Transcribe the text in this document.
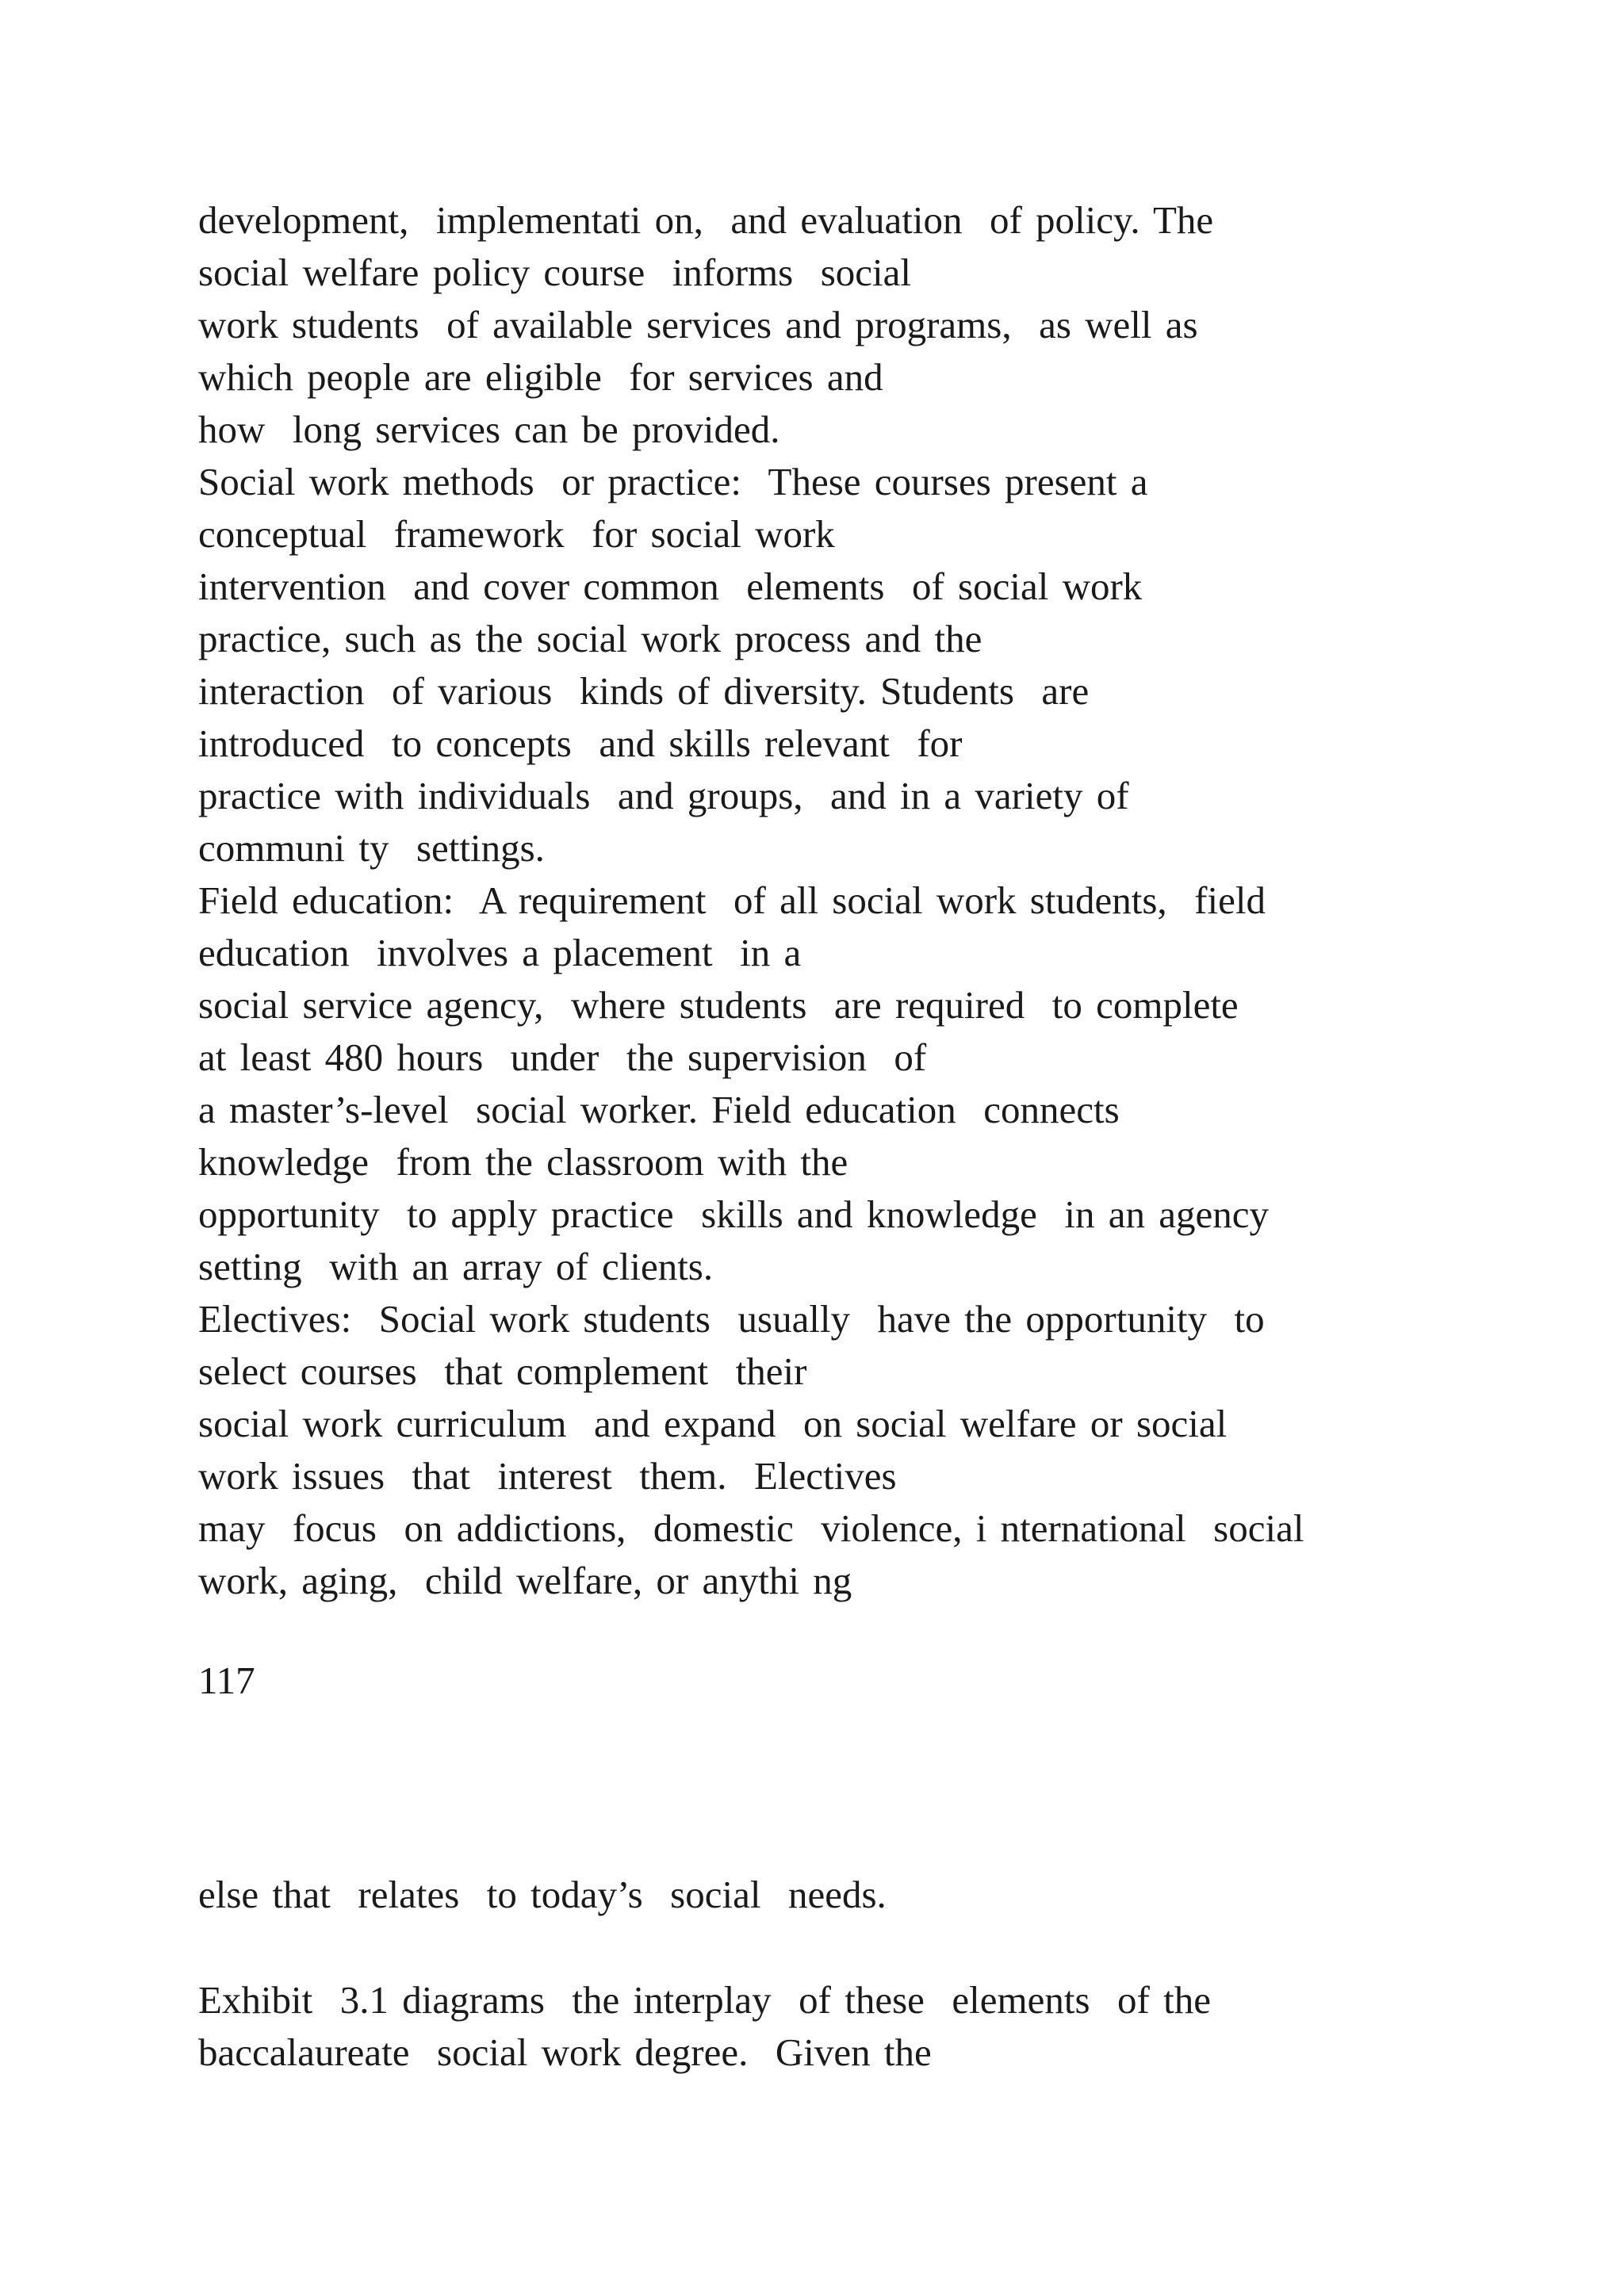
development,  implementati on,  and evaluation  of policy. The
social welfare policy course  informs  social
work students  of available services and programs,  as well as
which people are eligible  for services and
how  long services can be provided.
Social work methods  or practice:  These courses present a
conceptual  framework  for social work
intervention  and cover common  elements  of social work
practice, such as the social work process and the
interaction  of various  kinds of diversity. Students  are
introduced  to concepts  and skills relevant  for
practice with individuals  and groups,  and in a variety of
communi ty  settings.
Field education:  A requirement  of all social work students,  field
education  involves a placement  in a
social service agency,  where students  are required  to complete
at least 480 hours  under  the supervision  of
a master’s-level  social worker. Field education  connects
knowledge  from the classroom with the
opportunity  to apply practice  skills and knowledge  in an agency
setting  with an array of clients.
Electives:  Social work students  usually  have the opportunity  to
select courses  that complement  their
social work curriculum  and expand  on social welfare or social
work issues  that  interest  them.  Electives
may  focus  on addictions,  domestic  violence, i nternational  social
work, aging,  child welfare, or anythi ng
117
else that  relates  to today’s  social  needs.
Exhibit  3.1 diagrams  the interplay  of these  elements  of the
baccalaureate  social work degree.  Given the
